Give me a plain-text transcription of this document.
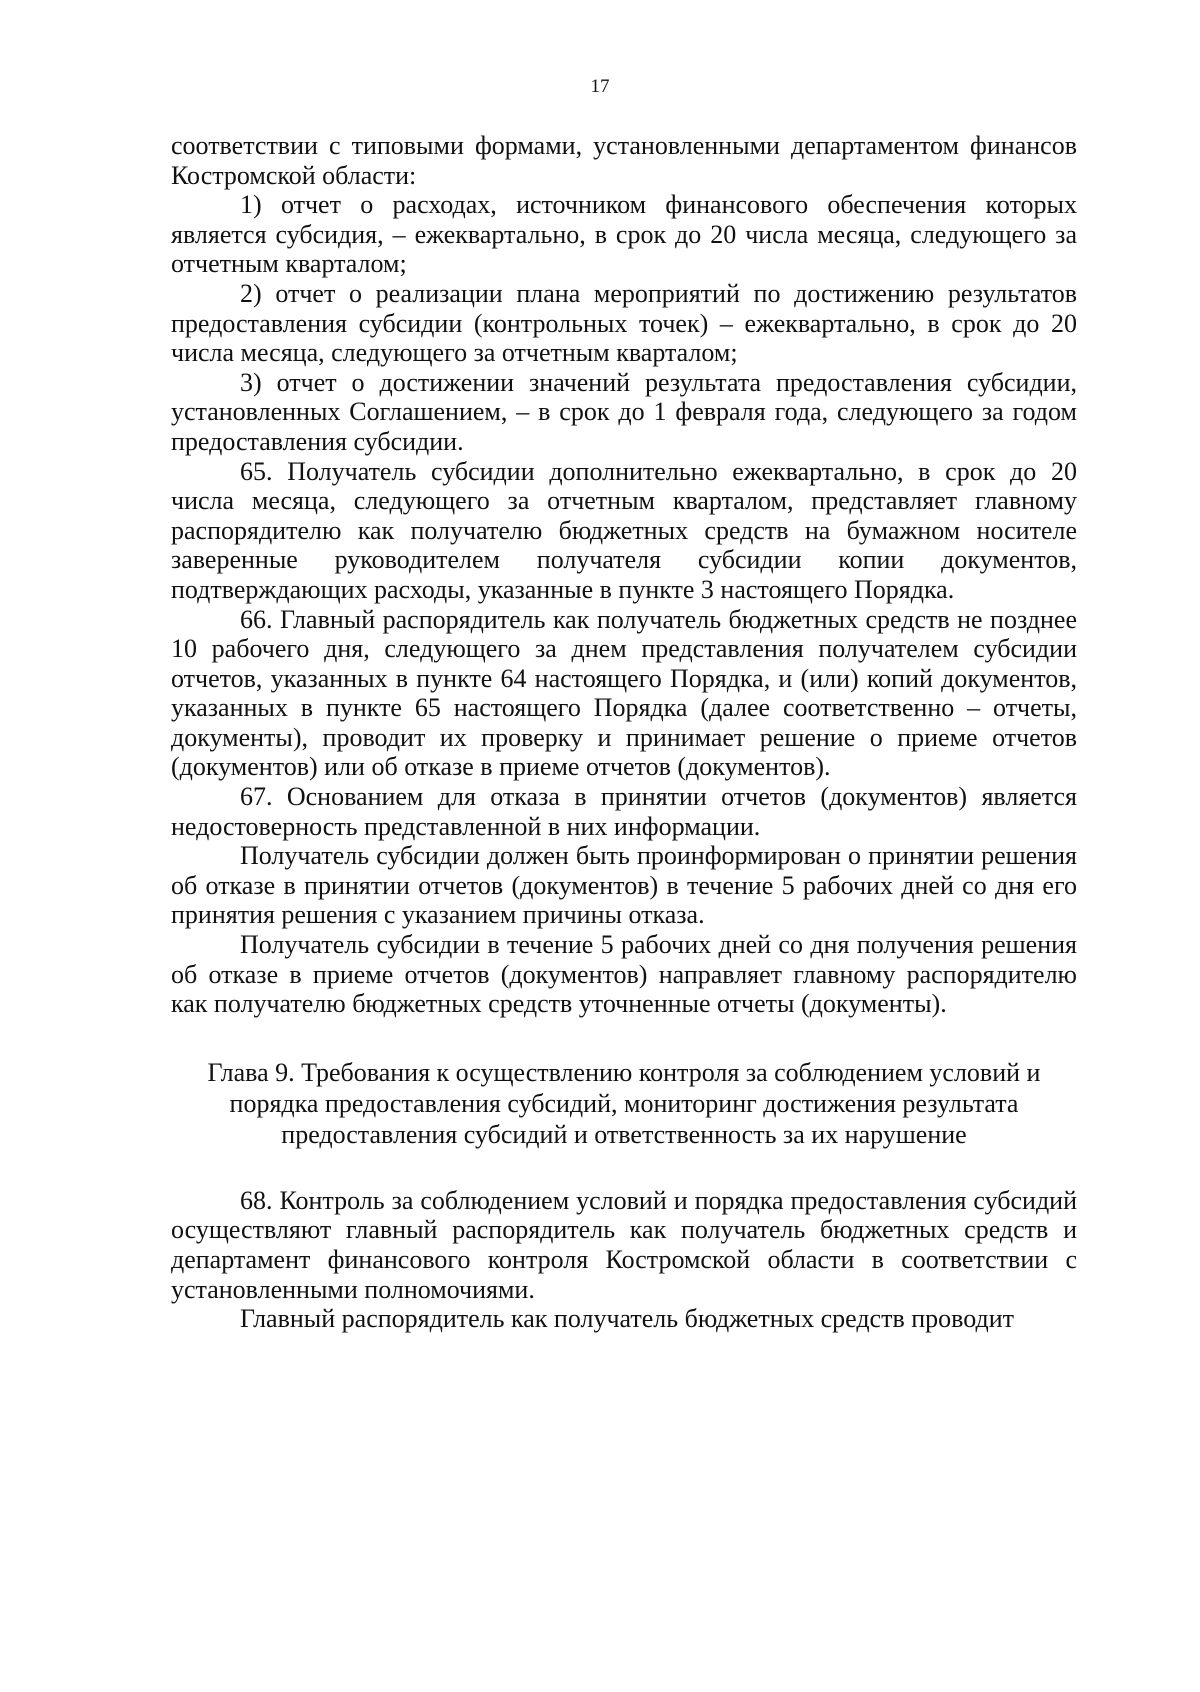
17

соответствии с типовыми формами, установленными департаментом финансов Костромской области:

1) отчет о расходах, источником финансового обеспечения которых является субсидия, – ежеквартально, в срок до 20 числа месяца, следующего за отчетным кварталом;

2) отчет о реализации плана мероприятий по достижению результатов предоставления субсидии (контрольных точек) – ежеквартально, в срок до 20 числа месяца, следующего за отчетным кварталом;

3) отчет о достижении значений результата предоставления субсидии, установленных Соглашением, – в срок до 1 февраля года, следующего за годом предоставления субсидии.

65. Получатель субсидии дополнительно ежеквартально, в срок до 20 числа месяца, следующего за отчетным кварталом, представляет главному распорядителю как получателю бюджетных средств на бумажном носителе заверенные руководителем получателя субсидии копии документов, подтверждающих расходы, указанные в пункте 3 настоящего Порядка.

66. Главный распорядитель как получатель бюджетных средств не позднее 10 рабочего дня, следующего за днем представления получателем субсидии отчетов, указанных в пункте 64 настоящего Порядка, и (или) копий документов, указанных в пункте 65 настоящего Порядка (далее соответственно – отчеты, документы), проводит их проверку и принимает решение о приеме отчетов (документов) или об отказе в приеме отчетов (документов).

67. Основанием для отказа в принятии отчетов (документов) является недостоверность представленной в них информации.

Получатель субсидии должен быть проинформирован о принятии решения об отказе в принятии отчетов (документов) в течение 5 рабочих дней со дня его принятия решения с указанием причины отказа.

Получатель субсидии в течение 5 рабочих дней со дня получения решения об отказе в приеме отчетов (документов) направляет главному распорядителю как получателю бюджетных средств уточненные отчеты (документы).

Глава 9. Требования к осуществлению контроля за соблюдением условий и
порядка предоставления субсидий, мониторинг достижения результата
предоставления субсидий и ответственность за их нарушение

68. Контроль за соблюдением условий и порядка предоставления субсидий осуществляют главный распорядитель как получатель бюджетных средств и департамент финансового контроля Костромской области в соответствии с установленными полномочиями.

Главный распорядитель как получатель бюджетных средств проводит
